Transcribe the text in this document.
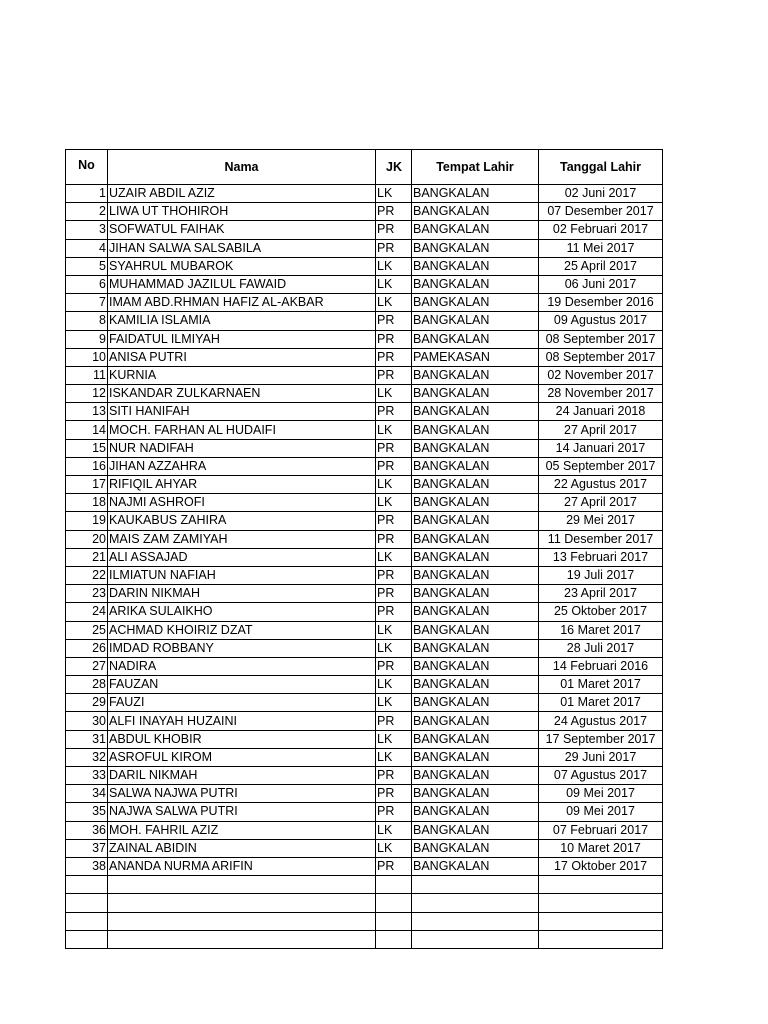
No	Nama	JK	Tempat Lahir	Tanggal Lahir
1	UZAIR ABDIL AZIZ	LK	BANGKALAN	02 Juni 2017
2	LIWA UT THOHIROH	PR	BANGKALAN	07 Desember 2017
3	SOFWATUL FAIHAK	PR	BANGKALAN	02 Februari 2017
4	JIHAN SALWA SALSABILA	PR	BANGKALAN	11 Mei 2017
5	SYAHRUL MUBAROK	LK	BANGKALAN	25 April 2017
6	MUHAMMAD JAZILUL FAWAID	LK	BANGKALAN	06 Juni 2017
7	IMAM ABD.RHMAN HAFIZ AL-AKBAR	LK	BANGKALAN	19 Desember 2016
8	KAMILIA ISLAMIA	PR	BANGKALAN	09 Agustus 2017
9	FAIDATUL ILMIYAH	PR	BANGKALAN	08 September 2017
10	ANISA PUTRI	PR	PAMEKASAN	08 September 2017
11	KURNIA	PR	BANGKALAN	02 November 2017
12	ISKANDAR ZULKARNAEN	LK	BANGKALAN	28 November 2017
13	SITI HANIFAH	PR	BANGKALAN	24 Januari 2018
14	MOCH. FARHAN AL HUDAIFI	LK	BANGKALAN	27 April 2017
15	NUR NADIFAH	PR	BANGKALAN	14 Januari 2017
16	JIHAN AZZAHRA	PR	BANGKALAN	05 September 2017
17	RIFIQIL AHYAR	LK	BANGKALAN	22 Agustus 2017
18	NAJMI ASHROFI	LK	BANGKALAN	27 April 2017
19	KAUKABUS ZAHIRA	PR	BANGKALAN	29 Mei 2017
20	MAIS ZAM ZAMIYAH	PR	BANGKALAN	11 Desember 2017
21	ALI ASSAJAD	LK	BANGKALAN	13 Februari 2017
22	ILMIATUN NAFIAH	PR	BANGKALAN	19 Juli 2017
23	DARIN NIKMAH	PR	BANGKALAN	23 April 2017
24	ARIKA SULAIKHO	PR	BANGKALAN	25 Oktober 2017
25	ACHMAD KHOIRIZ DZAT	LK	BANGKALAN	16 Maret 2017
26	IMDAD ROBBANY	LK	BANGKALAN	28 Juli 2017
27	NADIRA	PR	BANGKALAN	14 Februari 2016
28	FAUZAN	LK	BANGKALAN	01 Maret 2017
29	FAUZI	LK	BANGKALAN	01 Maret 2017
30	ALFI INAYAH HUZAINI	PR	BANGKALAN	24 Agustus 2017
31	ABDUL KHOBIR	LK	BANGKALAN	17 September 2017
32	ASROFUL KIROM	LK	BANGKALAN	29 Juni 2017
33	DARIL NIKMAH	PR	BANGKALAN	07 Agustus 2017
34	SALWA NAJWA PUTRI	PR	BANGKALAN	09 Mei 2017
35	NAJWA SALWA PUTRI	PR	BANGKALAN	09 Mei 2017
36	MOH. FAHRIL AZIZ	LK	BANGKALAN	07 Februari 2017
37	ZAINAL ABIDIN	LK	BANGKALAN	10 Maret 2017
38	ANANDA NURMA ARIFIN	PR	BANGKALAN	17 Oktober 2017
